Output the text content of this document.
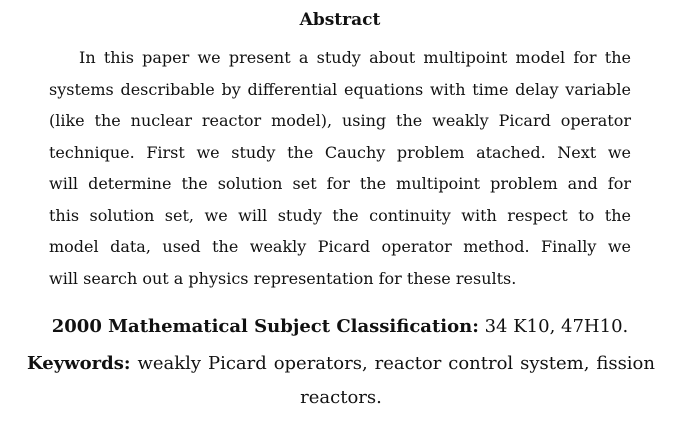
Abstract
In this paper we present a study about multipoint model for the
systems describable by differential equations with time delay variable
(like the nuclear reactor model), using the weakly Picard operator
technique. First we study the Cauchy problem atached. Next we
will determine the solution set for the multipoint problem and for
this solution set, we will study the continuity with respect to the
model data, used the weakly Picard operator method. Finally we
will search out a physics representation for these results.
2000 Mathematical Subject Classification: 34 K10, 47H10.
Keywords: weakly Picard operators, reactor control system, fission
reactors.
